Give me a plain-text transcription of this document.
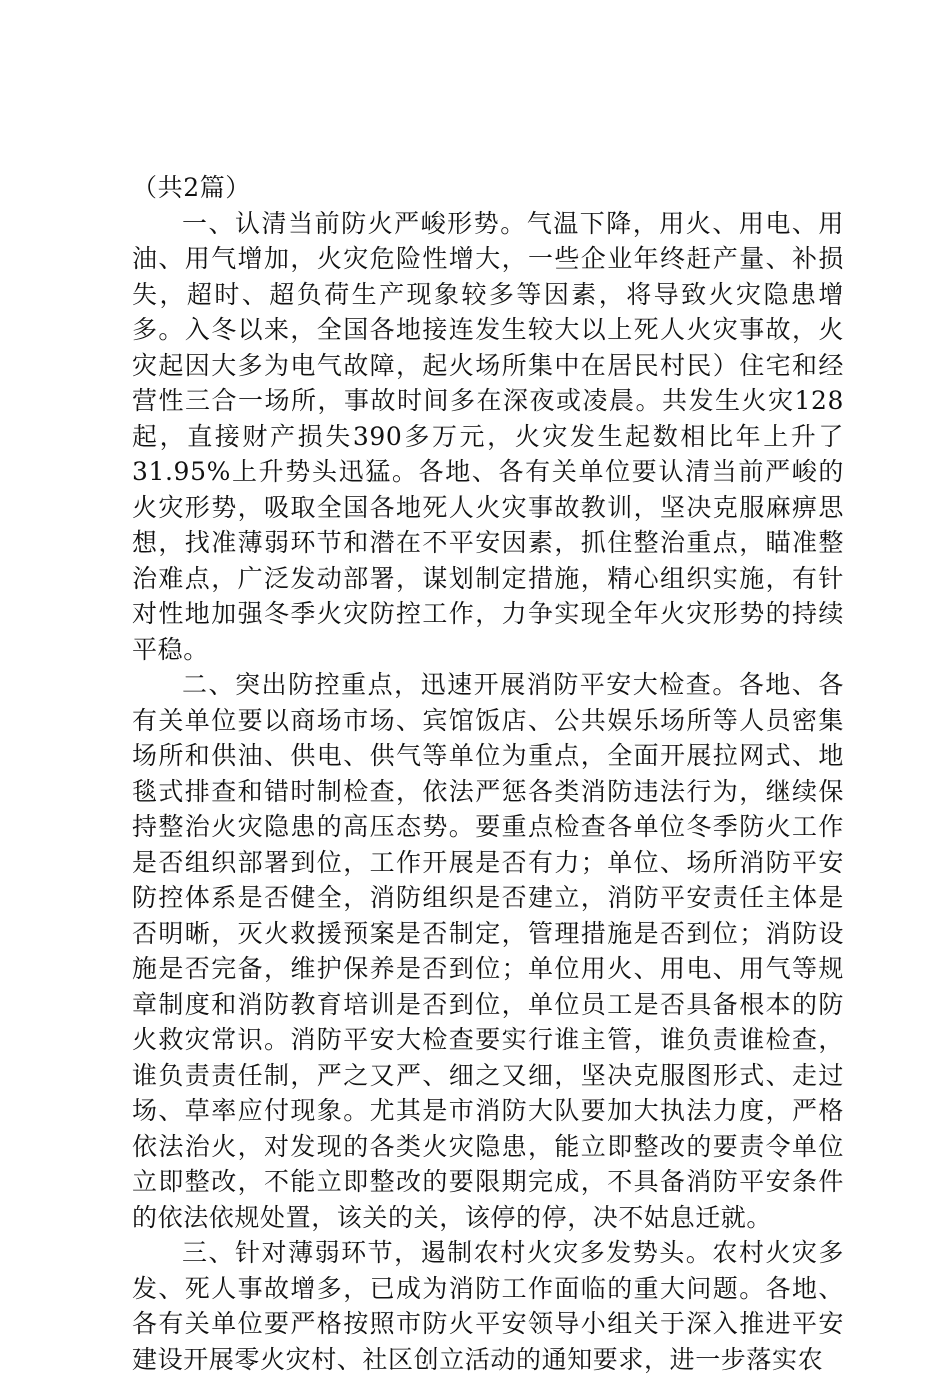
（共2篇）

一、认清当前防火严峻形势。气温下降，用火、用电、用油、用气增加，火灾危险性增大，一些企业年终赶产量、补损失，超时、超负荷生产现象较多等因素，将导致火灾隐患增多。入冬以来，全国各地接连发生较大以上死人火灾事故，火灾起因大多为电气故障，起火场所集中在居民村民）住宅和经营性三合一场所，事故时间多在深夜或凌晨。共发生火灾128起，直接财产损失390多万元，火灾发生起数相比年上升了31.95%上升势头迅猛。各地、各有关单位要认清当前严峻的火灾形势，吸取全国各地死人火灾事故教训，坚决克服麻痹思想，找准薄弱环节和潜在不平安因素，抓住整治重点，瞄准整治难点，广泛发动部署，谋划制定措施，精心组织实施，有针对性地加强冬季火灾防控工作，力争实现全年火灾形势的持续平稳。

二、突出防控重点，迅速开展消防平安大检查。各地、各有关单位要以商场市场、宾馆饭店、公共娱乐场所等人员密集场所和供油、供电、供气等单位为重点，全面开展拉网式、地毯式排查和错时制检查，依法严惩各类消防违法行为，继续保持整治火灾隐患的高压态势。要重点检查各单位冬季防火工作是否组织部署到位，工作开展是否有力；单位、场所消防平安防控体系是否健全，消防组织是否建立，消防平安责任主体是否明晰，灭火救援预案是否制定，管理措施是否到位；消防设施是否完备，维护保养是否到位；单位用火、用电、用气等规章制度和消防教育培训是否到位，单位员工是否具备根本的防火救灾常识。消防平安大检查要实行谁主管，谁负责谁检查，谁负责责任制，严之又严、细之又细，坚决克服图形式、走过场、草率应付现象。尤其是市消防大队要加大执法力度，严格依法治火，对发现的各类火灾隐患，能立即整改的要责令单位立即整改，不能立即整改的要限期完成，不具备消防平安条件的依法依规处置，该关的关，该停的停，决不姑息迁就。

三、针对薄弱环节，遏制农村火灾多发势头。农村火灾多发、死人事故增多，已成为消防工作面临的重大问题。各地、各有关单位要严格按照市防火平安领导小组关于深入推进平安建设开展零火灾村、社区创立活动的通知要求，进一步落实农
